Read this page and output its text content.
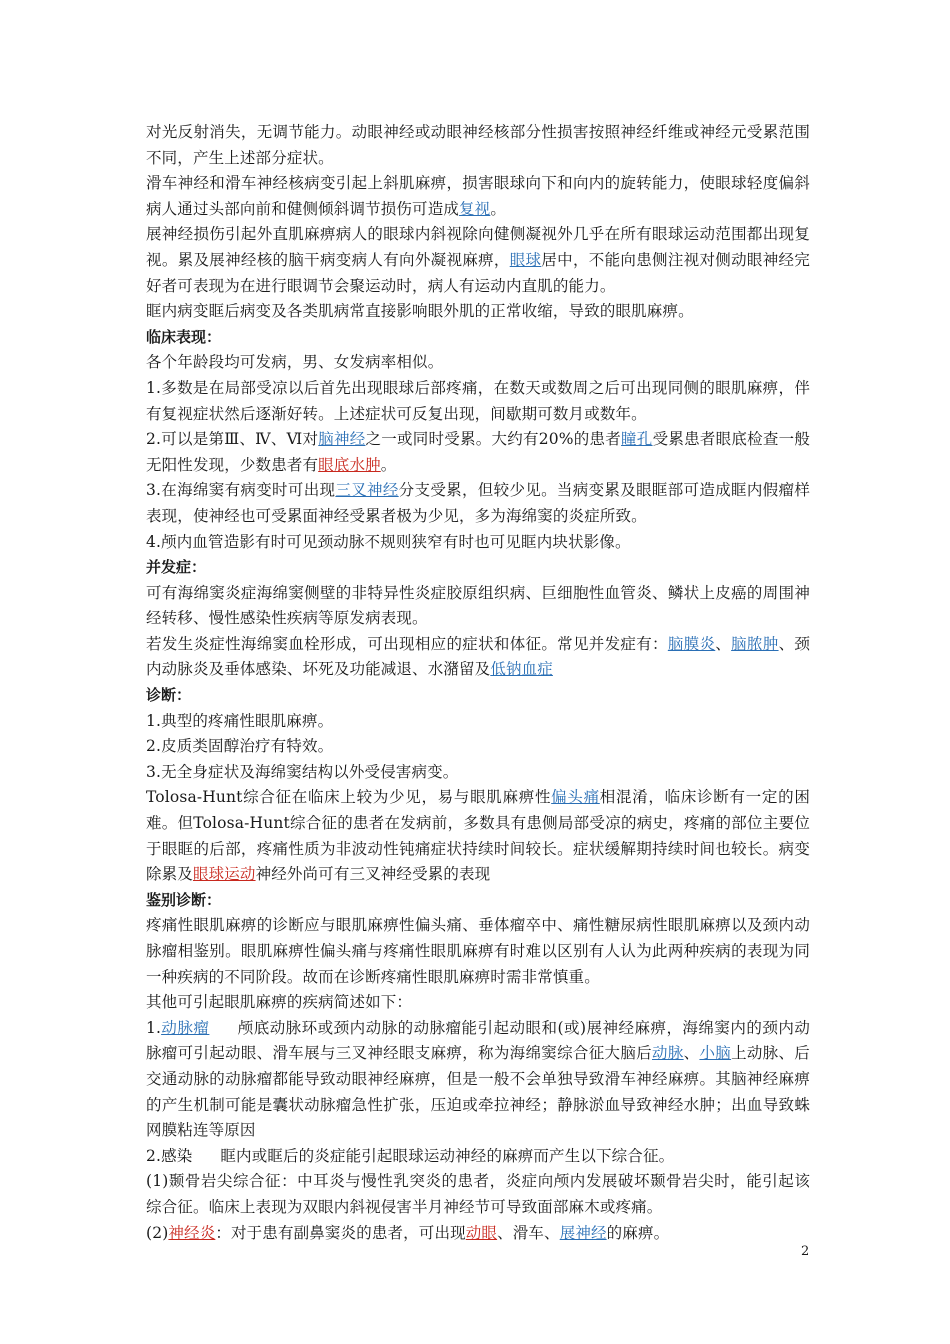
对光反射消失，无调节能力。动眼神经或动眼神经核部分性损害按照神经纤维或神经元受累范围不同，产生上述部分症状。

滑车神经和滑车神经核病变引起上斜肌麻痹，损害眼球向下和向内的旋转能力，使眼球轻度偏斜病人通过头部向前和健侧倾斜调节损伤可造成复视。

展神经损伤引起外直肌麻痹病人的眼球内斜视除向健侧凝视外几乎在所有眼球运动范围都出现复视。累及展神经核的脑干病变病人有向外凝视麻痹，眼球居中，不能向患侧注视对侧动眼神经完好者可表现为在进行眼调节会聚运动时，病人有运动内直肌的能力。

眶内病变眶后病变及各类肌病常直接影响眼外肌的正常收缩，导致的眼肌麻痹。

临床表现：

各个年龄段均可发病，男、女发病率相似。

1.多数是在局部受凉以后首先出现眼球后部疼痛，在数天或数周之后可出现同侧的眼肌麻痹，伴有复视症状然后逐渐好转。上述症状可反复出现，间歇期可数月或数年。

2.可以是第Ⅲ、Ⅳ、Ⅵ对脑神经之一或同时受累。大约有20%的患者瞳孔受累患者眼底检查一般无阳性发现，少数患者有眼底水肿。

3.在海绵窦有病变时可出现三叉神经分支受累，但较少见。当病变累及眼眶部可造成眶内假瘤样表现，使神经也可受累面神经受累者极为少见，多为海绵窦的炎症所致。

4.颅内血管造影有时可见颈动脉不规则狭窄有时也可见眶内块状影像。

并发症：

可有海绵窦炎症海绵窦侧壁的非特异性炎症胶原组织病、巨细胞性血管炎、鳞状上皮癌的周围神经转移、慢性感染性疾病等原发病表现。

若发生炎症性海绵窦血栓形成，可出现相应的症状和体征。常见并发症有：脑膜炎、脑脓肿、颈内动脉炎及垂体感染、坏死及功能减退、水潴留及低钠血症

诊断：

1.典型的疼痛性眼肌麻痹。

2.皮质类固醇治疗有特效。

3.无全身症状及海绵窦结构以外受侵害病变。

Tolosa-Hunt综合征在临床上较为少见，易与眼肌麻痹性偏头痛相混淆，临床诊断有一定的困难。但Tolosa-Hunt综合征的患者在发病前，多数具有患侧局部受凉的病史，疼痛的部位主要位于眼眶的后部，疼痛性质为非波动性钝痛症状持续时间较长。症状缓解期持续时间也较长。病变除累及眼球运动神经外尚可有三叉神经受累的表现

鉴别诊断：

疼痛性眼肌麻痹的诊断应与眼肌麻痹性偏头痛、垂体瘤卒中、痛性糖尿病性眼肌麻痹以及颈内动脉瘤相鉴别。眼肌麻痹性偏头痛与疼痛性眼肌麻痹有时难以区别有人认为此两种疾病的表现为同一种疾病的不同阶段。故而在诊断疼痛性眼肌麻痹时需非常慎重。

其他可引起眼肌麻痹的疾病简述如下：

1.动脉瘤 颅底动脉环或颈内动脉的动脉瘤能引起动眼和(或)展神经麻痹，海绵窦内的颈内动脉瘤可引起动眼、滑车展与三叉神经眼支麻痹，称为海绵窦综合征大脑后动脉、小脑上动脉、后交通动脉的动脉瘤都能导致动眼神经麻痹，但是一般不会单独导致滑车神经麻痹。其脑神经麻痹的产生机制可能是囊状动脉瘤急性扩张，压迫或牵拉神经；静脉淤血导致神经水肿；出血导致蛛网膜粘连等原因

2.感染 眶内或眶后的炎症能引起眼球运动神经的麻痹而产生以下综合征。

(1)颞骨岩尖综合征：中耳炎与慢性乳突炎的患者，炎症向颅内发展破坏颞骨岩尖时，能引起该综合征。临床上表现为双眼内斜视侵害半月神经节可导致面部麻木或疼痛。

(2)神经炎：对于患有副鼻窦炎的患者，可出现动眼、滑车、展神经的麻痹。

2
